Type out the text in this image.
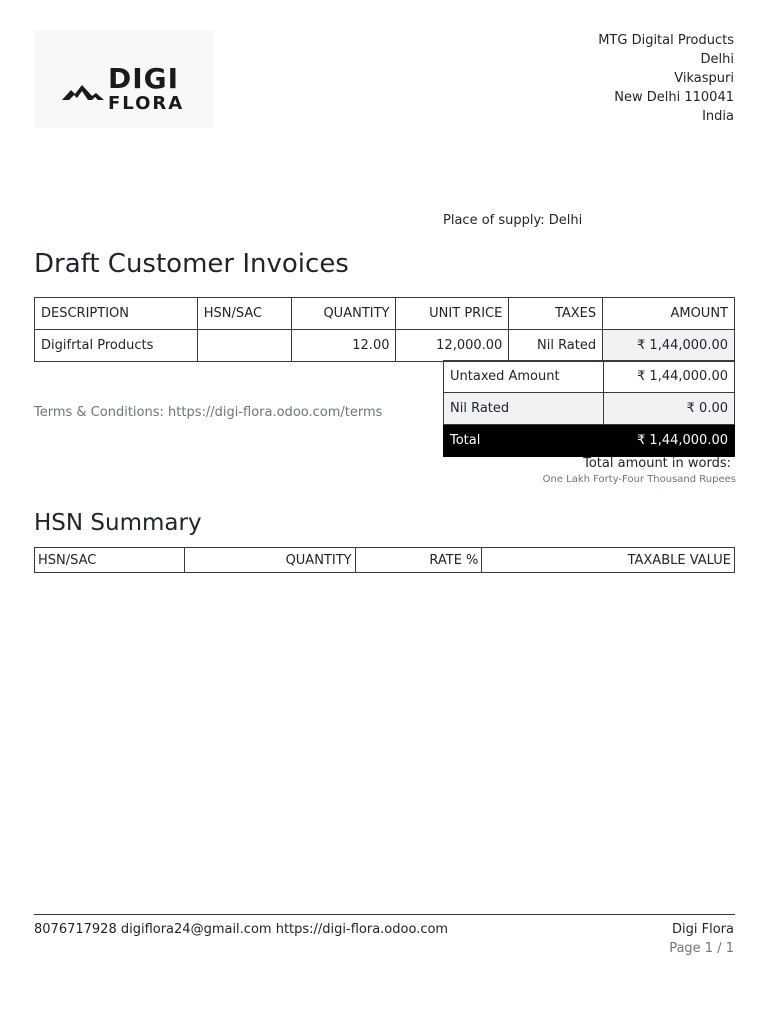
DIGI
FLORA
MTG Digital Products
Delhi
Vikaspuri
New Delhi 110041
India
Place of supply: Delhi
Draft Customer Invoices
DESCRIPTION	HSN/SAC	QUANTITY	UNIT PRICE	TAXES	AMOUNT
Digifrtal Products		12.00	12,000.00	Nil Rated	₹ 1,44,000.00
Untaxed Amount	₹ 1,44,000.00
Nil Rated	₹ 0.00
Total	₹ 1,44,000.00
Terms & Conditions: https://digi-flora.odoo.com/terms
Total amount in words:
One Lakh Forty-Four Thousand Rupees
HSN Summary
HSN/SAC	QUANTITY	RATE %	TAXABLE VALUE
8076717928 digiflora24@gmail.com https://digi-flora.odoo.com	Digi Flora
Page 1 / 1
